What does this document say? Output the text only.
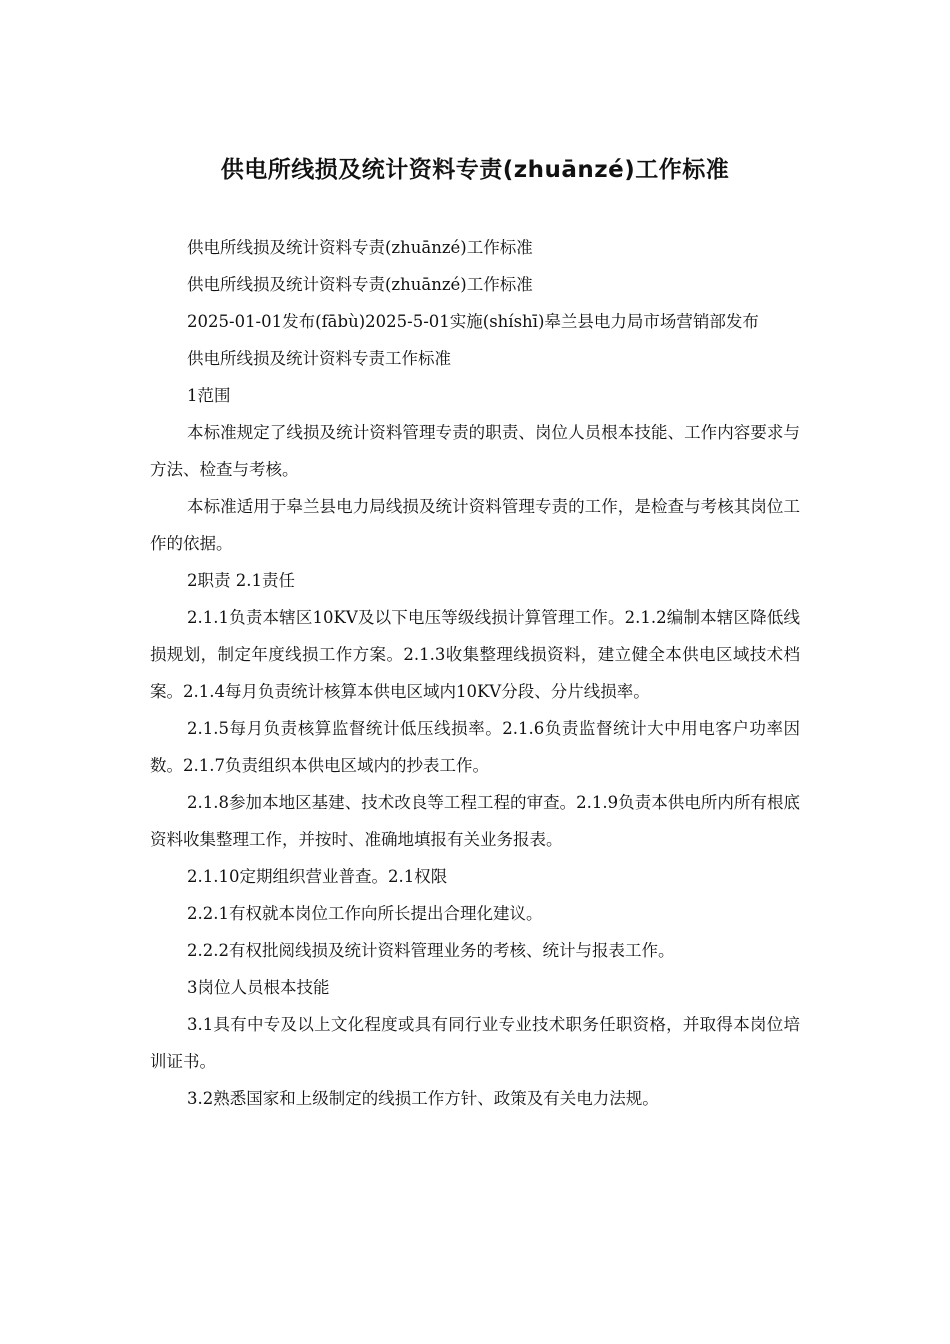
供电所线损及统计资料专责(zhuānzé)工作标准

供电所线损及统计资料专责(zhuānzé)工作标准

供电所线损及统计资料专责(zhuānzé)工作标准

2025-01-01发布(fābù)2025-5-01实施(shíshī)皋兰县电力局市场营销部发布

供电所线损及统计资料专责工作标准

1范围

本标准规定了线损及统计资料管理专责的职责、岗位人员根本技能、工作内容要求与方法、检查与考核。

本标准适用于皋兰县电力局线损及统计资料管理专责的工作，是检查与考核其岗位工作的依据。

2职责 2.1责任

2.1.1负责本辖区10KV及以下电压等级线损计算管理工作。2.1.2编制本辖区降低线损规划，制定年度线损工作方案。2.1.3收集整理线损资料，建立健全本供电区域技术档案。2.1.4每月负责统计核算本供电区域内10KV分段、分片线损率。

2.1.5每月负责核算监督统计低压线损率。2.1.6负责监督统计大中用电客户功率因数。2.1.7负责组织本供电区域内的抄表工作。

2.1.8参加本地区基建、技术改良等工程工程的审查。2.1.9负责本供电所内所有根底资料收集整理工作，并按时、准确地填报有关业务报表。

2.1.10定期组织营业普查。2.1权限

2.2.1有权就本岗位工作向所长提出合理化建议。

2.2.2有权批阅线损及统计资料管理业务的考核、统计与报表工作。

3岗位人员根本技能

3.1具有中专及以上文化程度或具有同行业专业技术职务任职资格，并取得本岗位培训证书。

3.2熟悉国家和上级制定的线损工作方针、政策及有关电力法规。
